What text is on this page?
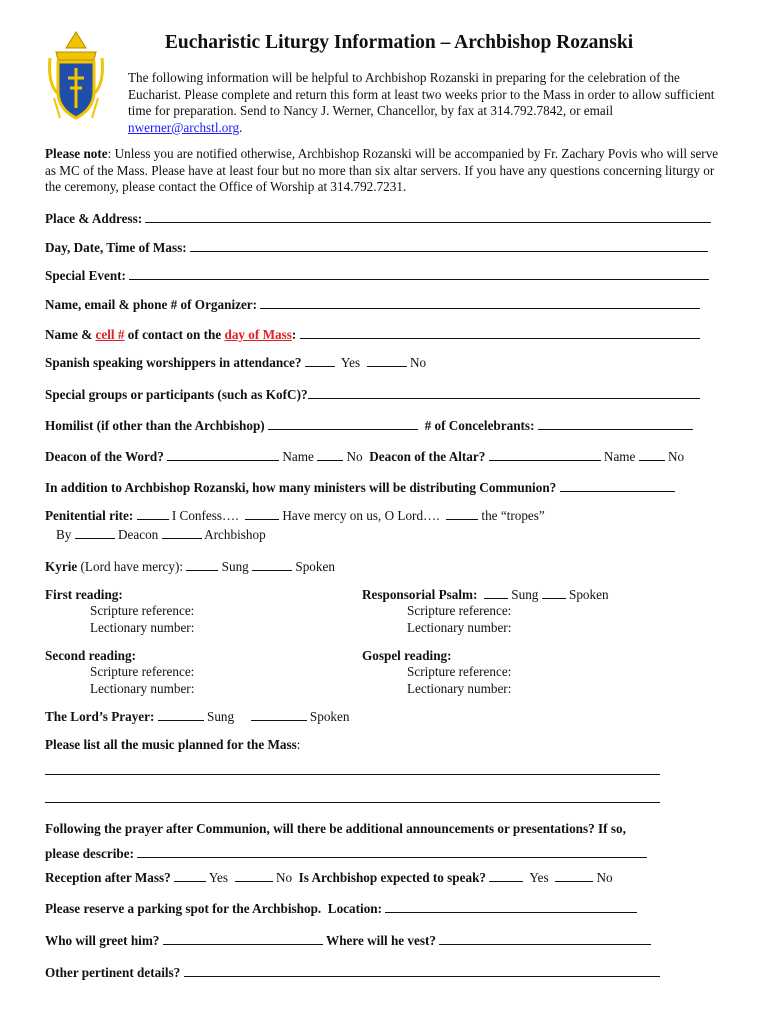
Eucharistic Liturgy Information – Archbishop Rozanski
The following information will be helpful to Archbishop Rozanski in preparing for the celebration of the Eucharist. Please complete and return this form at least two weeks prior to the Mass in order to allow sufficient time for preparation. Send to Nancy J. Werner, Chancellor, by fax at 314.792.7842, or email nwerner@archstl.org.
Please note: Unless you are notified otherwise, Archbishop Rozanski will be accompanied by Fr. Zachary Povis who will serve as MC of the Mass. Please have at least four but no more than six altar servers. If you have any questions concerning liturgy or the ceremony, please contact the Office of Worship at 314.792.7231.
Place & Address:
Day, Date, Time of Mass:
Special Event:
Name, email & phone # of Organizer:
Name & cell # of contact on the day of Mass:
Spanish speaking worshippers in attendance?	Yes	No
Special groups or participants (such as KofC)?
Homilist (if other than the Archbishop)	# of Concelebrants:
Deacon of the Word?	Name No Deacon of the Altar?	Name No
In addition to Archbishop Rozanski, how many ministers will be distributing Communion?
Penitential rite:	I Confess….	Have mercy on us, O Lord….	the “tropes”
By	Deacon	Archbishop
Kyrie (Lord have mercy):	Sung	Spoken
First reading:
Scripture reference:
Lectionary number:
Responsorial Psalm:	Sung Spoken
Scripture reference:
Lectionary number:
Second reading:
Scripture reference:
Lectionary number:
Gospel reading:
Scripture reference:
Lectionary number:
The Lord’s Prayer:	Sung	Spoken
Please list all the music planned for the Mass:
Following the prayer after Communion, will there be additional announcements or presentations? If so,
please describe:
Reception after Mass?	Yes	No Is Archbishop expected to speak?	Yes	No
Please reserve a parking spot for the Archbishop.  Location:
Who will greet him?	Where will he vest?
Other pertinent details?
